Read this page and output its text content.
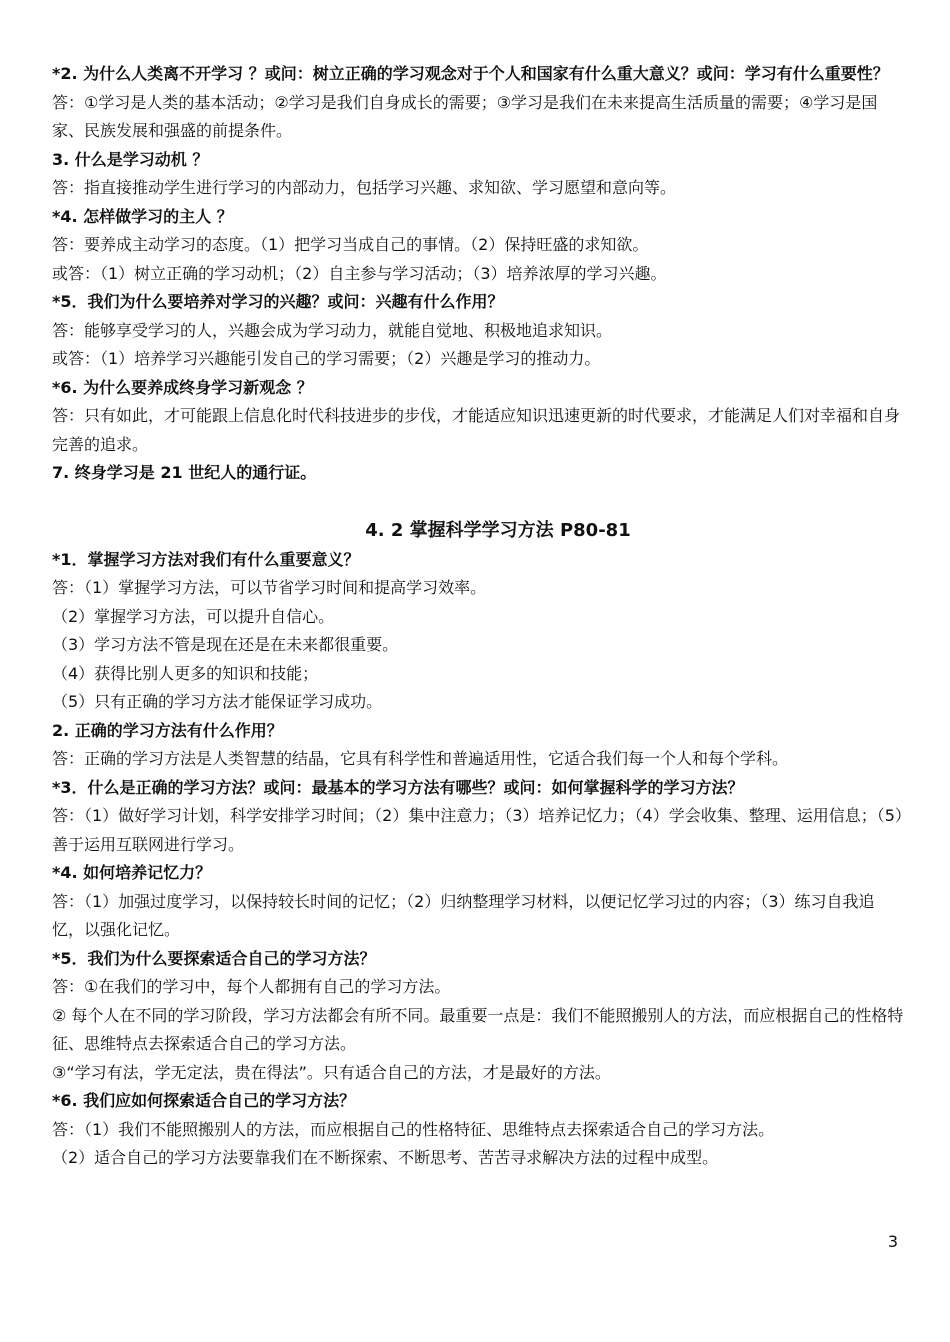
*2. 为什么人类离不开学习 ？或问：树立正确的学习观念对于个人和国家有什么重大意义？或问：学习有什么重要性？

答：①学习是人类的基本活动；②学习是我们自身成长的需要；③学习是我们在未来提高生活质量的需要；④学习是国家、民族发展和强盛的前提条件。

3. 什么是学习动机 ？

答：指直接推动学生进行学习的内部动力，包括学习兴趣、求知欲、学习愿望和意向等。

*4. 怎样做学习的主人 ？

答：要养成主动学习的态度。（1）把学习当成自己的事情。（2）保持旺盛的求知欲。

或答：（1）树立正确的学习动机；（2）自主参与学习活动；（3）培养浓厚的学习兴趣。

*5．我们为什么要培养对学习的兴趣？或问：兴趣有什么作用？

答：能够享受学习的人，兴趣会成为学习动力，就能自觉地、积极地追求知识。

或答：（1）培养学习兴趣能引发自己的学习需要；（2）兴趣是学习的推动力。

*6. 为什么要养成终身学习新观念 ？

答：只有如此，才可能跟上信息化时代科技进步的步伐，才能适应知识迅速更新的时代要求，才能满足人们对幸福和自身完善的追求。

7. 终身学习是 21 世纪人的通行证。

4. 2 掌握科学学习方法 P80-81

*1．掌握学习方法对我们有什么重要意义？

答：（1）掌握学习方法，可以节省学习时间和提高学习效率。

（2）掌握学习方法，可以提升自信心。

（3）学习方法不管是现在还是在未来都很重要。

（4）获得比别人更多的知识和技能；

（5）只有正确的学习方法才能保证学习成功。

2. 正确的学习方法有什么作用？

答：正确的学习方法是人类智慧的结晶，它具有科学性和普遍适用性，它适合我们每一个人和每个学科。

*3．什么是正确的学习方法？或问：最基本的学习方法有哪些？或问：如何掌握科学的学习方法？

答：（1）做好学习计划，科学安排学习时间；（2）集中注意力；（3）培养记忆力；（4）学会收集、整理、运用信息；（5）善于运用互联网进行学习。

*4. 如何培养记忆力？

答：（1）加强过度学习，以保持较长时间的记忆；（2）归纳整理学习材料，以便记忆学习过的内容；（3）练习自我追忆，以强化记忆。

*5．我们为什么要探索适合自己的学习方法？

答：①在我们的学习中，每个人都拥有自己的学习方法。

② 每个人在不同的学习阶段，学习方法都会有所不同。最重要一点是：我们不能照搬别人的方法，而应根据自己的性格特征、思维特点去探索适合自己的学习方法。

③“学习有法，学无定法，贵在得法”。只有适合自己的方法，才是最好的方法。

*6. 我们应如何探索适合自己的学习方法？

答：（1）我们不能照搬别人的方法，而应根据自己的性格特征、思维特点去探索适合自己的学习方法。

（2）适合自己的学习方法要靠我们在不断探索、不断思考、苦苦寻求解决方法的过程中成型。

3
